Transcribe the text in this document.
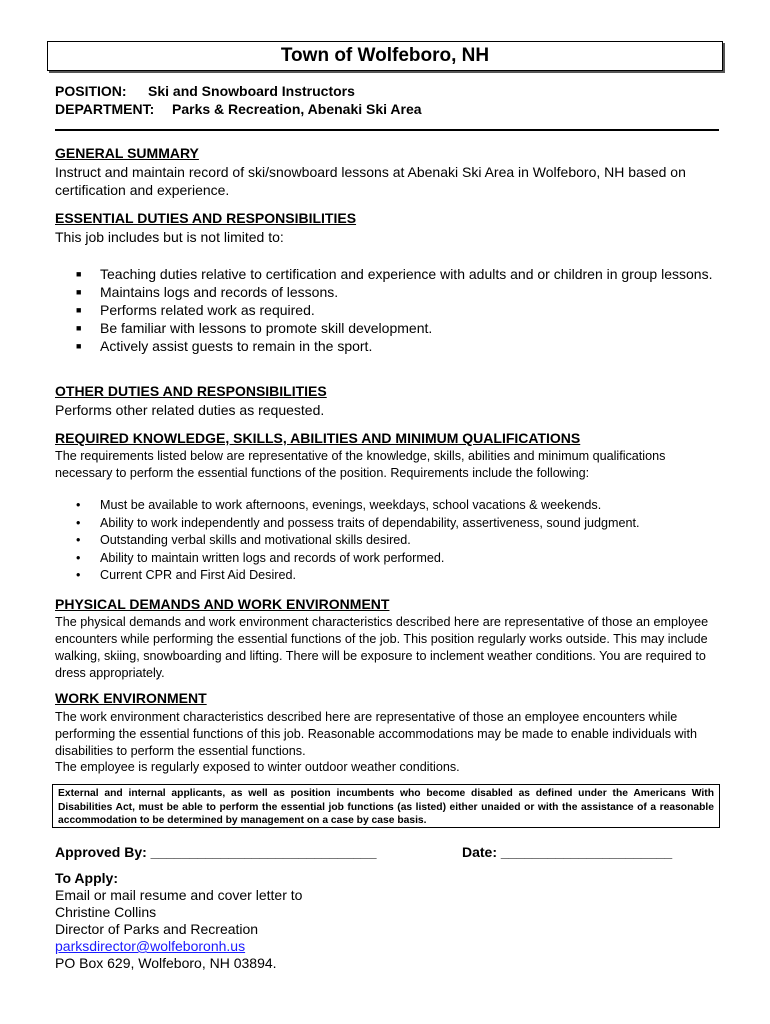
Town of Wolfeboro, NH
POSITION: Ski and Snowboard Instructors
DEPARTMENT: Parks & Recreation, Abenaki Ski Area
GENERAL SUMMARY
Instruct and maintain record of ski/snowboard lessons at Abenaki Ski Area in Wolfeboro, NH based on certification and experience.
ESSENTIAL DUTIES AND RESPONSIBILITIES
This job includes but is not limited to:
■ Teaching duties relative to certification and experience with adults and or children in group lessons.
■ Maintains logs and records of lessons.
■ Performs related work as required.
■ Be familiar with lessons to promote skill development.
■ Actively assist guests to remain in the sport.
OTHER DUTIES AND RESPONSIBILITIES
Performs other related duties as requested.
REQUIRED KNOWLEDGE, SKILLS, ABILITIES AND MINIMUM QUALIFICATIONS
The requirements listed below are representative of the knowledge, skills, abilities and minimum qualifications necessary to perform the essential functions of the position. Requirements include the following:
• Must be available to work afternoons, evenings, weekdays, school vacations & weekends.
• Ability to work independently and possess traits of dependability, assertiveness, sound judgment.
• Outstanding verbal skills and motivational skills desired.
• Ability to maintain written logs and records of work performed.
• Current CPR and First Aid Desired.
PHYSICAL DEMANDS AND WORK ENVIRONMENT
The physical demands and work environment characteristics described here are representative of those an employee encounters while performing the essential functions of the job. This position regularly works outside. This may include walking, skiing, snowboarding and lifting. There will be exposure to inclement weather conditions. You are required to dress appropriately.
WORK ENVIRONMENT
The work environment characteristics described here are representative of those an employee encounters while performing the essential functions of this job. Reasonable accommodations may be made to enable individuals with disabilities to perform the essential functions.
The employee is regularly exposed to winter outdoor weather conditions.
External and internal applicants, as well as position incumbents who become disabled as defined under the Americans With Disabilities Act, must be able to perform the essential job functions (as listed) either unaided or with the assistance of a reasonable accommodation to be determined by management on a case by case basis.
Approved By: _____________________________	Date: ______________________
To Apply:
Email or mail resume and cover letter to
Christine Collins
Director of Parks and Recreation
parksdirector@wolfeboronh.us
PO Box 629, Wolfeboro, NH 03894.
